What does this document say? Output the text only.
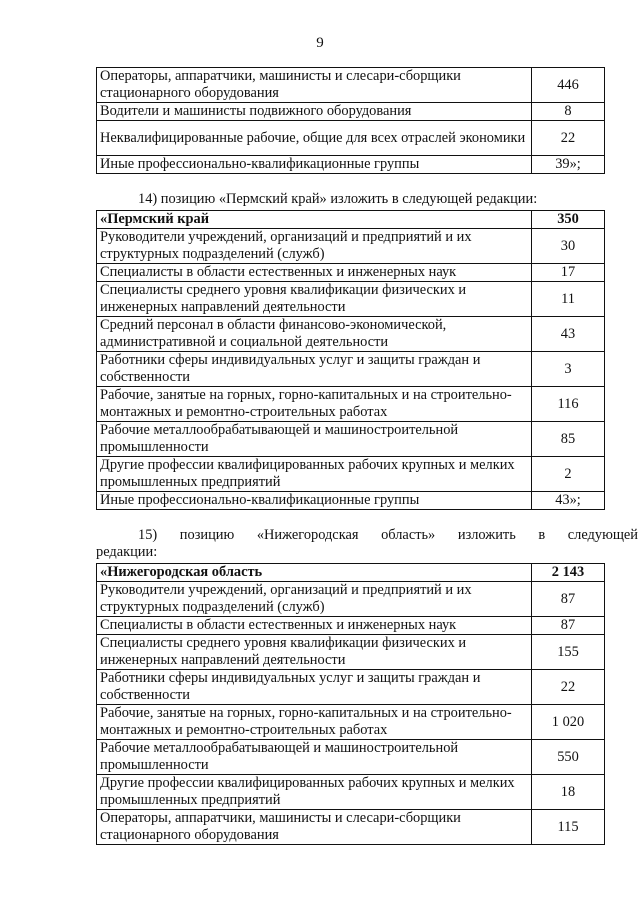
9
Операторы, аппаратчики, машинисты и слесари-сборщики стационарного оборудования	446
Водители и машинисты подвижного оборудования	8
Неквалифицированные рабочие, общие для всех отраслей экономики	22
Иные профессионально-квалификационные группы	39»;
14) позицию «Пермский край» изложить в следующей редакции:
«Пермский край	350
Руководители учреждений, организаций и предприятий и их структурных подразделений (служб)	30
Специалисты в области естественных и инженерных наук	17
Специалисты среднего уровня квалификации физических и инженерных направлений деятельности	11
Средний персонал в области финансово-экономической, административной и социальной деятельности	43
Работники сферы индивидуальных услуг и защиты граждан и собственности	3
Рабочие, занятые на горных, горно-капитальных и на строительно-монтажных и ремонтно-строительных работах	116
Рабочие металлообрабатывающей и машиностроительной промышленности	85
Другие профессии квалифицированных рабочих крупных и мелких промышленных предприятий	2
Иные профессионально-квалификационные группы	43»;
15) позицию «Нижегородская область» изложить в следующей
редакции:
«Нижегородская область	2 143
Руководители учреждений, организаций и предприятий и их структурных подразделений (служб)	87
Специалисты в области естественных и инженерных наук	87
Специалисты среднего уровня квалификации физических и инженерных направлений деятельности	155
Работники сферы индивидуальных услуг и защиты граждан и собственности	22
Рабочие, занятые на горных, горно-капитальных и на строительно-монтажных и ремонтно-строительных работах	1 020
Рабочие металлообрабатывающей и машиностроительной промышленности	550
Другие профессии квалифицированных рабочих крупных и мелких промышленных предприятий	18
Операторы, аппаратчики, машинисты и слесари-сборщики стационарного оборудования	115
